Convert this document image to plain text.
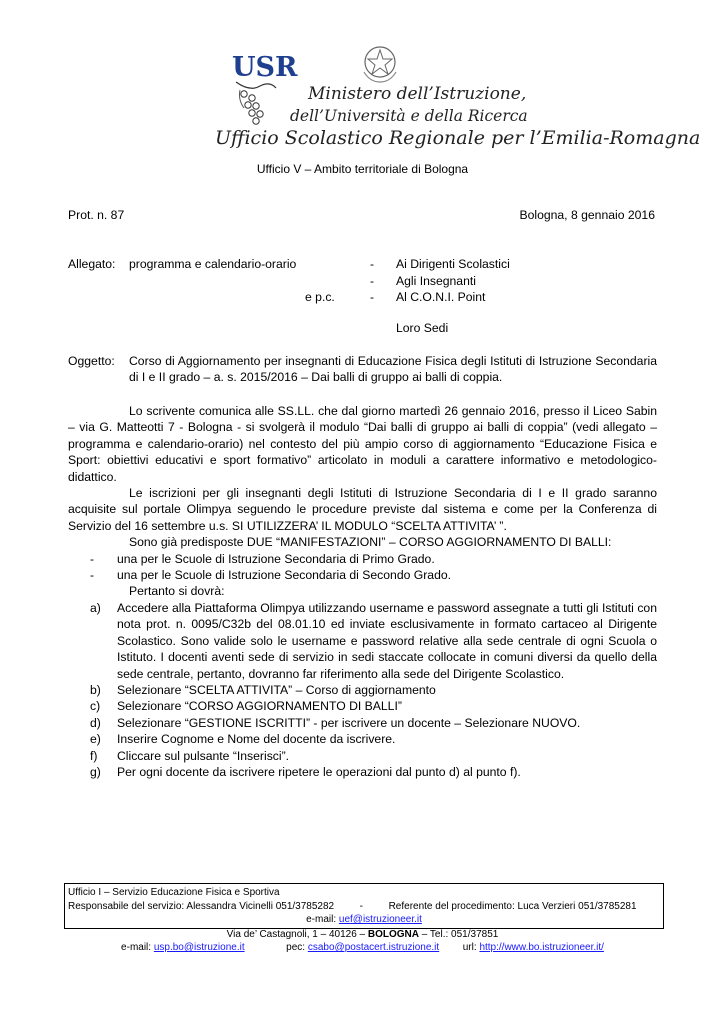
USR
Ministero dell’Istruzione,
dell’Università e della Ricerca
Ufficio Scolastico Regionale per l’Emilia-Romagna
Ufficio V – Ambito territoriale di Bologna
Prot. n. 87	Bologna, 8 gennaio 2016
Allegato: programma e calendario-orario	- Ai Dirigenti Scolastici
- Agli Insegnanti
e p.c.	- Al C.O.N.I. Point
Loro Sedi
Oggetto: Corso di Aggiornamento per insegnanti di Educazione Fisica degli Istituti di Istruzione Secondaria di I e II grado – a. s. 2015/2016 – Dai balli di gruppo ai balli di coppia.

Lo scrivente comunica alle SS.LL. che dal giorno martedì 26 gennaio 2016, presso il Liceo Sabin – via G. Matteotti 7 - Bologna - si svolgerà il modulo “Dai balli di gruppo ai balli di coppia” (vedi allegato – programma e calendario-orario) nel contesto del più ampio corso di aggiornamento “Educazione Fisica e Sport: obiettivi educativi e sport formativo” articolato in moduli a carattere informativo e metodologico-didattico.

Le iscrizioni per gli insegnanti degli Istituti di Istruzione Secondaria di I e II grado saranno acquisite sul portale Olimpya seguendo le procedure previste dal sistema e come per la Conferenza di Servizio del 16 settembre u.s. SI UTILIZZERA’ IL MODULO “SCELTA ATTIVITA’ ”.

Sono già predisposte DUE “MANIFESTAZIONI” – CORSO AGGIORNAMENTO DI BALLI:

- una per le Scuole di Istruzione Secondaria di Primo Grado.
- una per le Scuole di Istruzione Secondaria di Secondo Grado.

Pertanto si dovrà:

a) Accedere alla Piattaforma Olimpya utilizzando username e password assegnate a tutti gli Istituti con nota prot. n. 0095/C32b del 08.01.10 ed inviate esclusivamente in formato cartaceo al Dirigente Scolastico. Sono valide solo le username e password relative alla sede centrale di ogni Scuola o Istituto. I docenti aventi sede di servizio in sedi staccate collocate in comuni diversi da quello della sede centrale, pertanto, dovranno far riferimento alla sede del Dirigente Scolastico.
b) Selezionare “SCELTA ATTIVITA” – Corso di aggiornamento
c) Selezionare “CORSO AGGIORNAMENTO DI BALLI”
d) Selezionare “GESTIONE ISCRITTI” - per iscrivere un docente – Selezionare NUOVO.
e) Inserire Cognome e Nome del docente da iscrivere.
f) Cliccare sul pulsante “Inserisci”.
g) Per ogni docente da iscrivere ripetere le operazioni dal punto d) al punto f).
Ufficio I – Servizio Educazione Fisica e Sportiva
Responsabile del servizio: Alessandra Vicinelli 051/3785282	-	Referente del procedimento: Luca Verzieri 051/3785281
e-mail: uef@istruzioneer.it
Via de’ Castagnoli, 1 – 40126 – BOLOGNA – Tel.: 051/37851
e-mail: usp.bo@istruzione.it	pec: csabo@postacert.istruzione.it url: http://www.bo.istruzioneer.it/
